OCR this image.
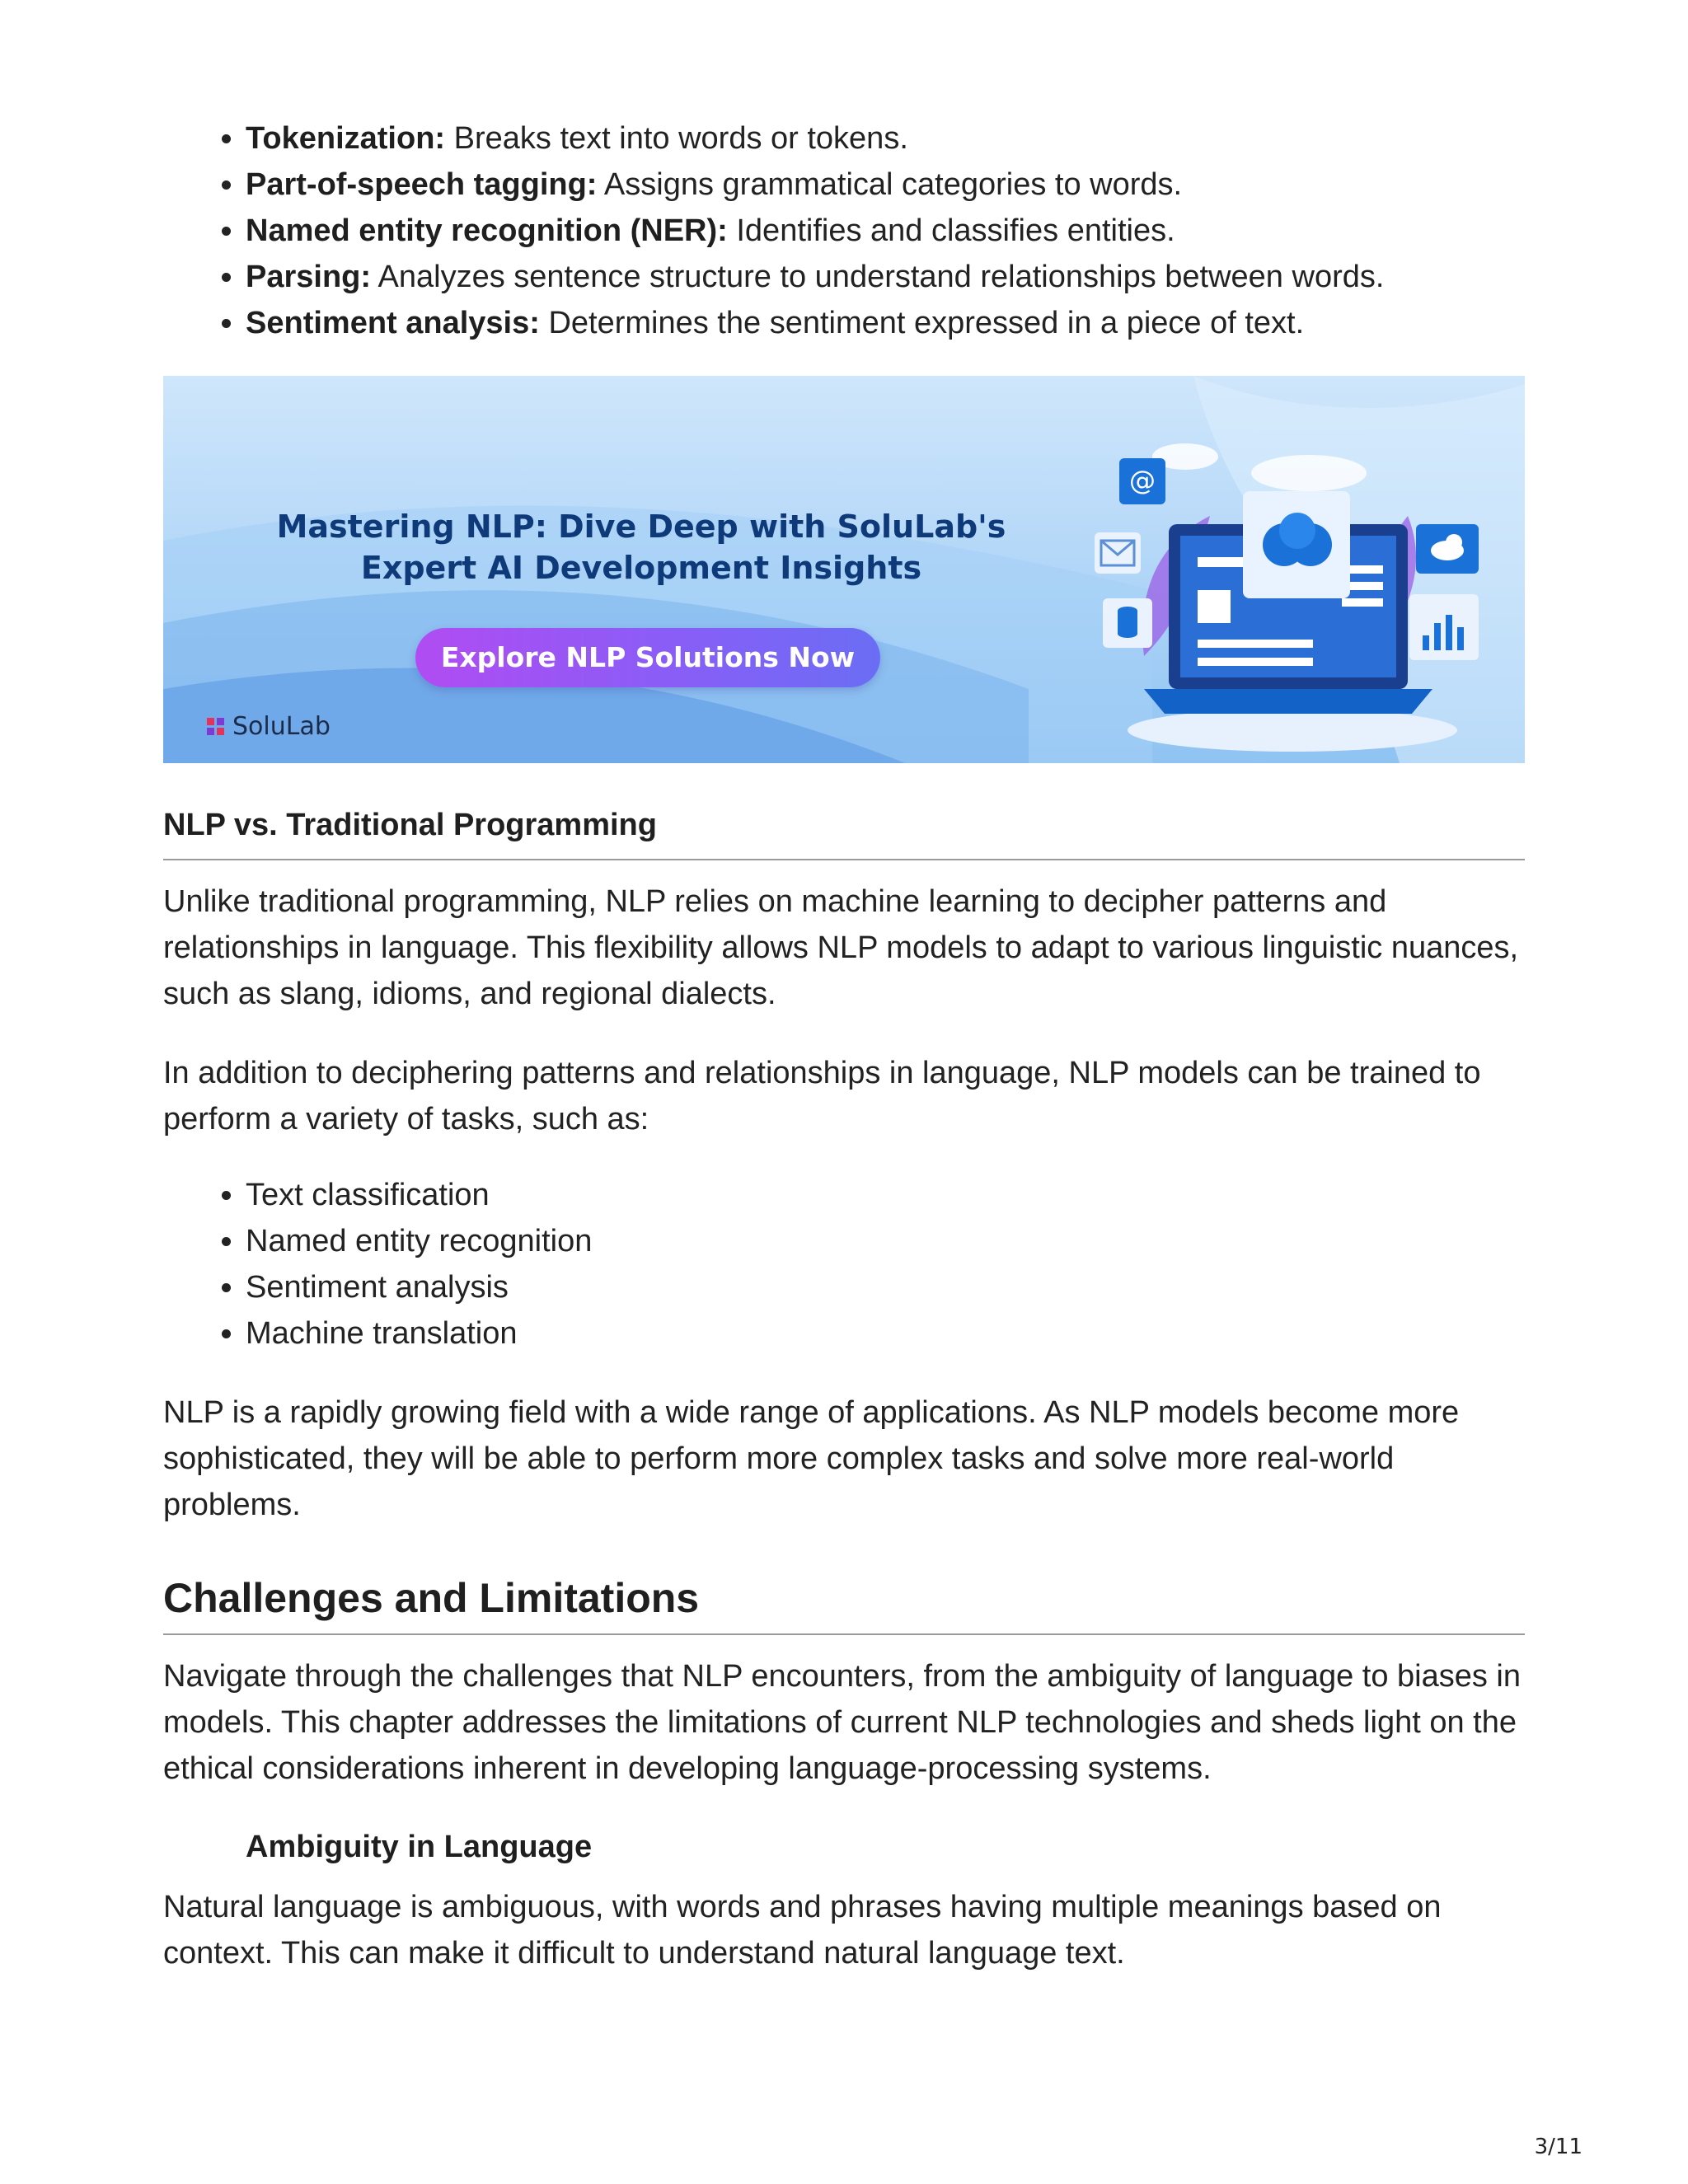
• Tokenization: Breaks text into words or tokens.
• Part-of-speech tagging: Assigns grammatical categories to words.
• Named entity recognition (NER): Identifies and classifies entities.
• Parsing: Analyzes sentence structure to understand relationships between words.
• Sentiment analysis: Determines the sentiment expressed in a piece of text.
Mastering NLP: Dive Deep with SoluLab's Expert AI Development Insights
Explore NLP Solutions Now
SoluLab
@
NLP vs. Traditional Programming

Unlike traditional programming, NLP relies on machine learning to decipher patterns and relationships in language. This flexibility allows NLP models to adapt to various linguistic nuances, such as slang, idioms, and regional dialects.

In addition to deciphering patterns and relationships in language, NLP models can be trained to perform a variety of tasks, such as:

• Text classification
• Named entity recognition
• Sentiment analysis
• Machine translation

NLP is a rapidly growing field with a wide range of applications. As NLP models become more sophisticated, they will be able to perform more complex tasks and solve more real-world problems.

Challenges and Limitations

Navigate through the challenges that NLP encounters, from the ambiguity of language to biases in models. This chapter addresses the limitations of current NLP technologies and sheds light on the ethical considerations inherent in developing language-processing systems.

Ambiguity in Language

Natural language is ambiguous, with words and phrases having multiple meanings based on context. This can make it difficult to understand natural language text.

3/11
